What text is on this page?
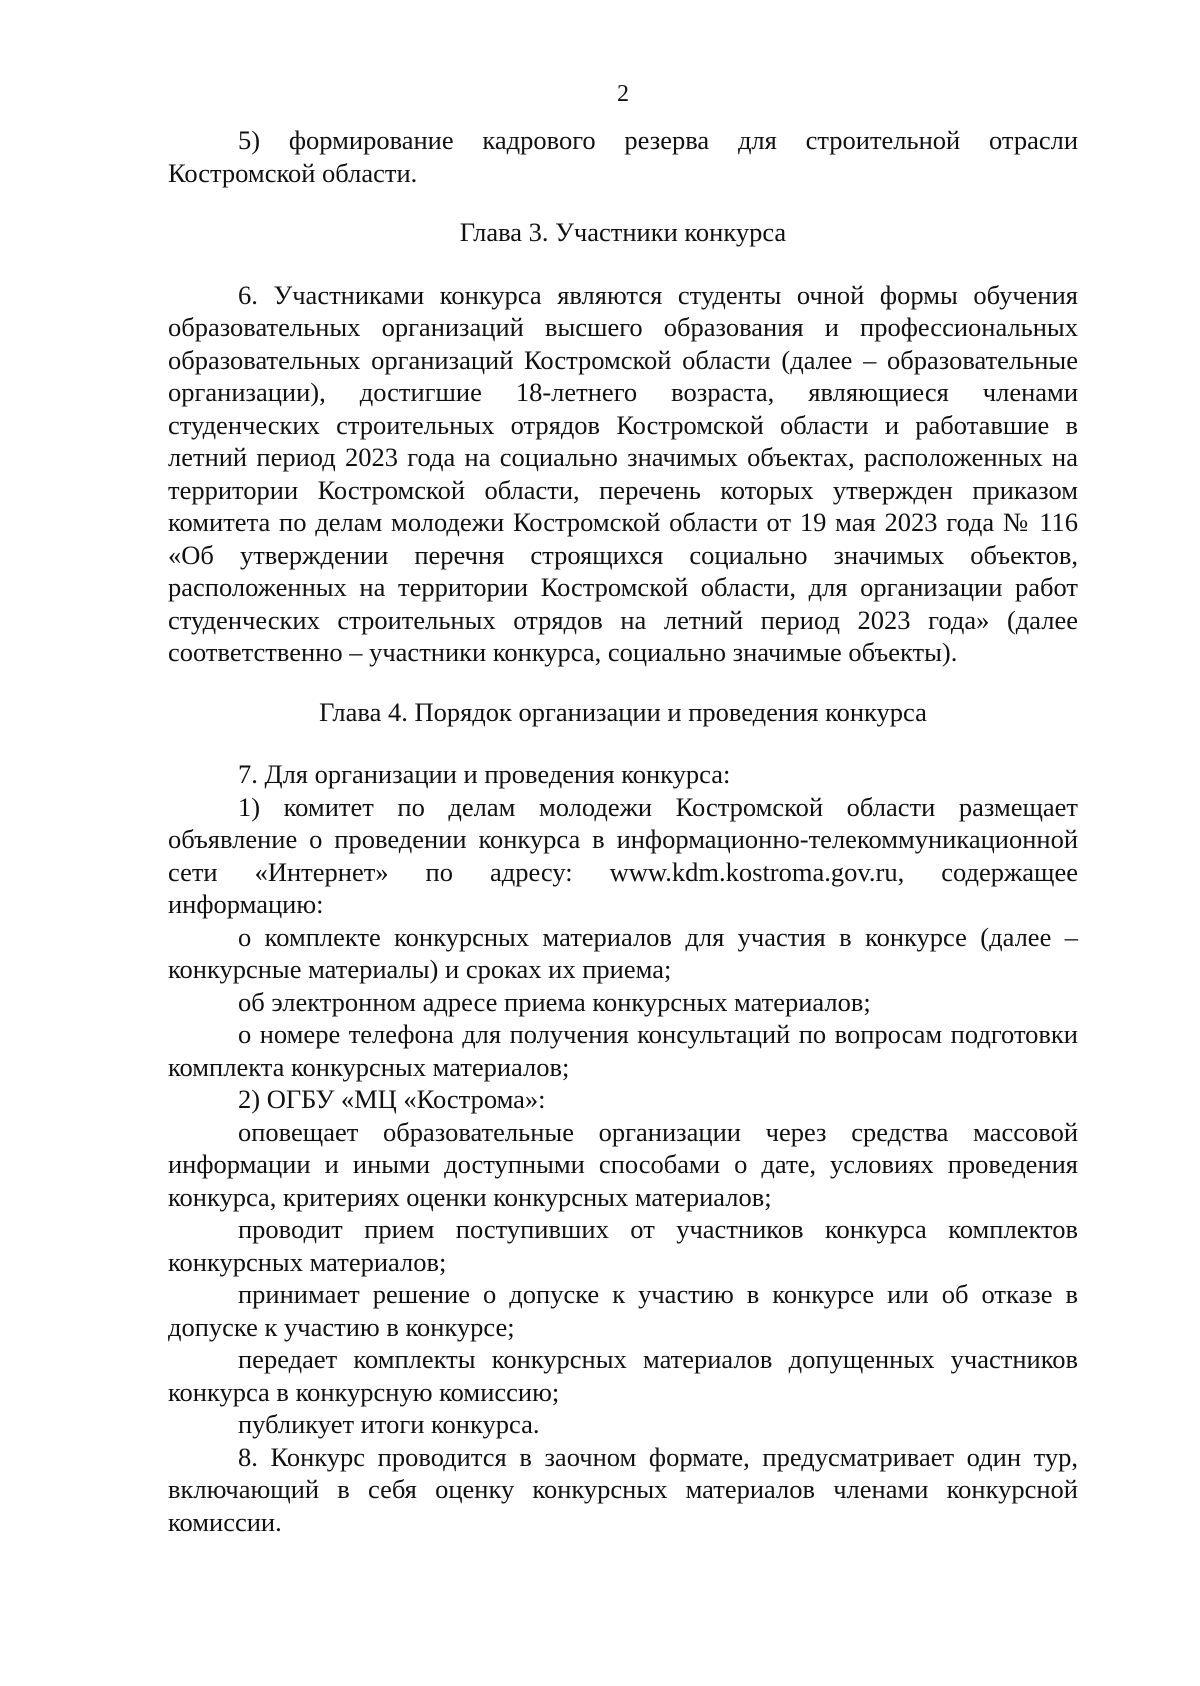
2

5) формирование кадрового резерва для строительной отрасли Костромской области.

Глава 3. Участники конкурса

6. Участниками конкурса являются студенты очной формы обучения образовательных организаций высшего образования и профессиональных образовательных организаций Костромской области (далее – образовательные организации), достигшие 18-летнего возраста, являющиеся членами студенческих строительных отрядов Костромской области и работавшие в летний период 2023 года на социально значимых объектах, расположенных на территории Костромской области, перечень которых утвержден приказом комитета по делам молодежи Костромской области от 19 мая 2023 года № 116 «Об утверждении перечня строящихся социально значимых объектов, расположенных на территории Костромской области, для организации работ студенческих строительных отрядов на летний период 2023 года» (далее соответственно – участники конкурса, социально значимые объекты).

Глава 4. Порядок организации и проведения конкурса

7. Для организации и проведения конкурса:

1) комитет по делам молодежи Костромской области размещает объявление о проведении конкурса в информационно-телекоммуникационной сети «Интернет» по адресу: www.kdm.kostroma.gov.ru, содержащее информацию:

о комплекте конкурсных материалов для участия в конкурсе (далее – конкурсные материалы) и сроках их приема;

об электронном адресе приема конкурсных материалов;

о номере телефона для получения консультаций по вопросам подготовки комплекта конкурсных материалов;

2) ОГБУ «МЦ «Кострома»:

оповещает образовательные организации через средства массовой информации и иными доступными способами о дате, условиях проведения конкурса, критериях оценки конкурсных материалов;

проводит прием поступивших от участников конкурса комплектов конкурсных материалов;

принимает решение о допуске к участию в конкурсе или об отказе в допуске к участию в конкурсе;

передает комплекты конкурсных материалов допущенных участников конкурса в конкурсную комиссию;

публикует итоги конкурса.

8. Конкурс проводится в заочном формате, предусматривает один тур, включающий в себя оценку конкурсных материалов членами конкурсной комиссии.
